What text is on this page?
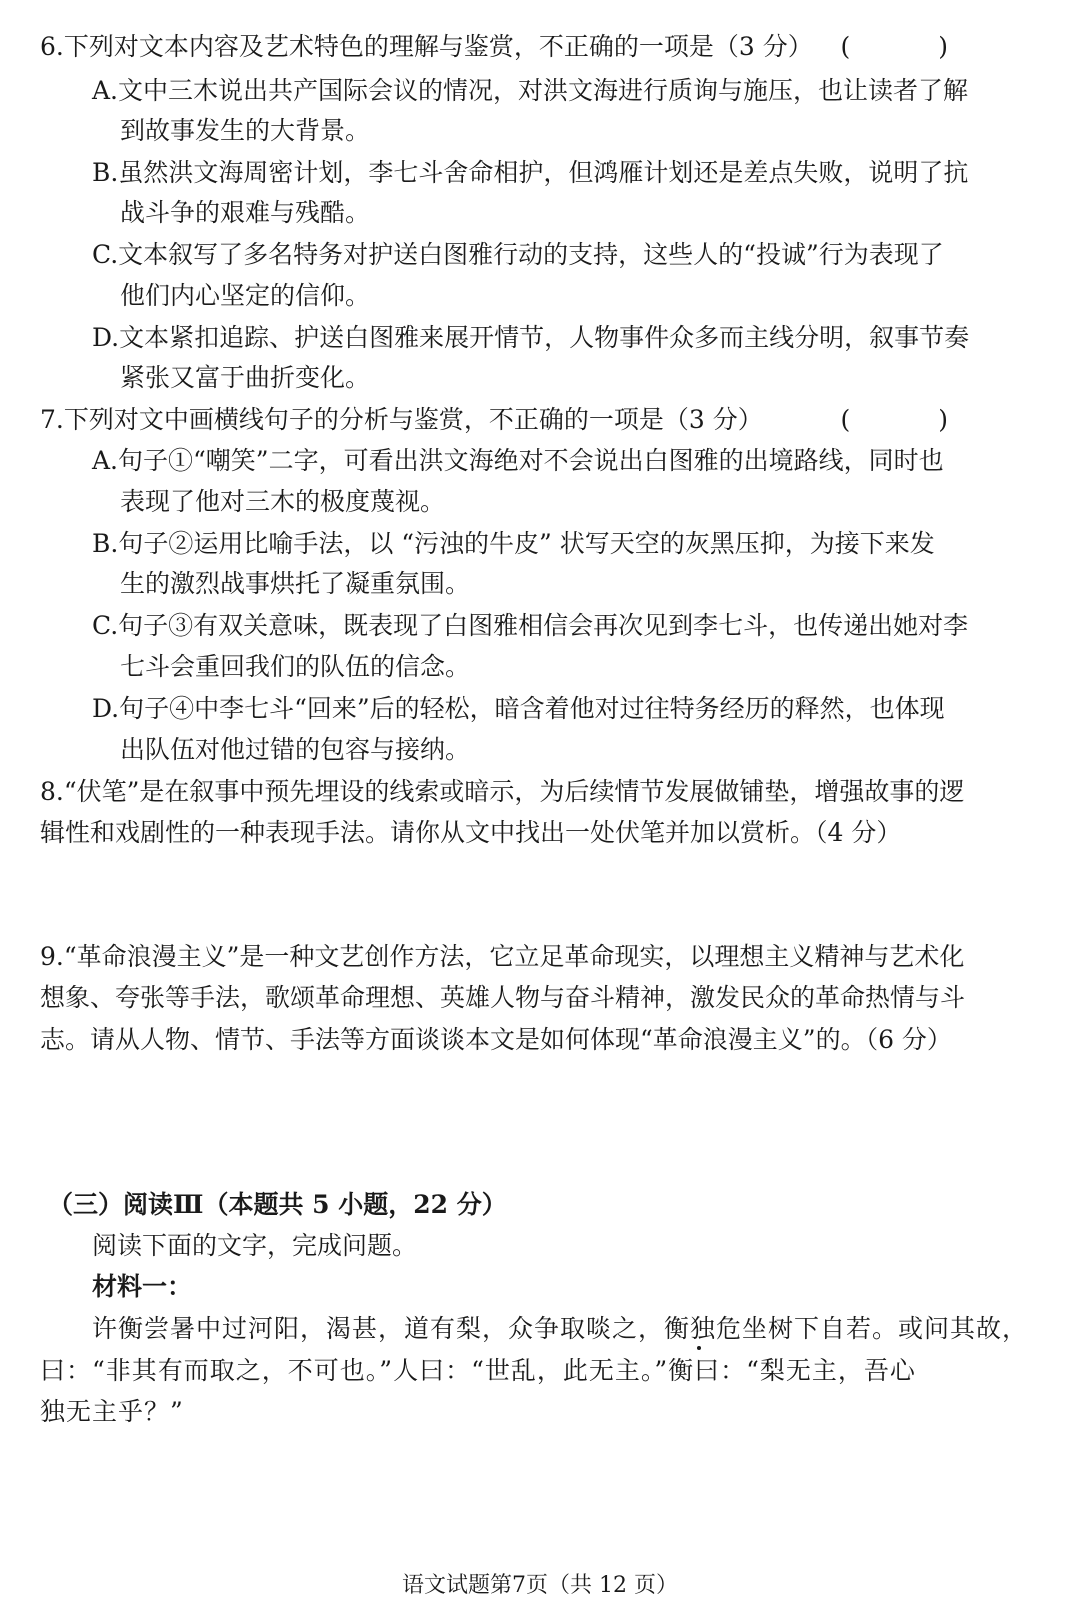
6.下列对文本内容及艺术特色的理解与鉴赏，不正确的一项是（3 分） ( )
A.文中三木说出共产国际会议的情况，对洪文海进行质询与施压，也让读者了解
到故事发生的大背景。
B.虽然洪文海周密计划，李七斗舍命相护，但鸿雁计划还是差点失败，说明了抗
战斗争的艰难与残酷。
C.文本叙写了多名特务对护送白图雅行动的支持，这些人的“投诚”行为表现了
他们内心坚定的信仰。
D.文本紧扣追踪、护送白图雅来展开情节，人物事件众多而主线分明，叙事节奏
紧张又富于曲折变化。
7.下列对文中画横线句子的分析与鉴赏，不正确的一项是（3 分）	( )
A.句子①“嘲笑”二字，可看出洪文海绝对不会说出白图雅的出境路线，同时也
表现了他对三木的极度蔑视。
B.句子②运用比喻手法，以 “污浊的牛皮” 状写天空的灰黑压抑，为接下来发
生的激烈战事烘托了凝重氛围。
C.句子③有双关意味，既表现了白图雅相信会再次见到李七斗，也传递出她对李
七斗会重回我们的队伍的信念。
D.句子④中李七斗“回来”后的轻松，暗含着他对过往特务经历的释然，也体现
出队伍对他过错的包容与接纳。
8.“伏笔”是在叙事中预先埋设的线索或暗示，为后续情节发展做铺垫，增强故事的逻
辑性和戏剧性的一种表现手法。请你从文中找出一处伏笔并加以赏析。（4 分）
9.“革命浪漫主义”是一种文艺创作方法，它立足革命现实，以理想主义精神与艺术化
想象、夸张等手法，歌颂革命理想、英雄人物与奋斗精神，激发民众的革命热情与斗
志。请从人物、情节、手法等方面谈谈本文是如何体现“革命浪漫主义”的。（6 分）
（三）阅读Ⅲ（本题共 5 小题，22 分）
阅读下面的文字，完成问题。
材料一：
许衡尝暑中过河阳，渴甚，道有梨，众争取啖之，衡独危坐树下自若。或问其故，
曰：“非其有而取之，不可也。”人曰：“世乱，此无主。”衡曰：“梨无主，吾心
独无主乎？”
语文试题第7页（共 12 页）
